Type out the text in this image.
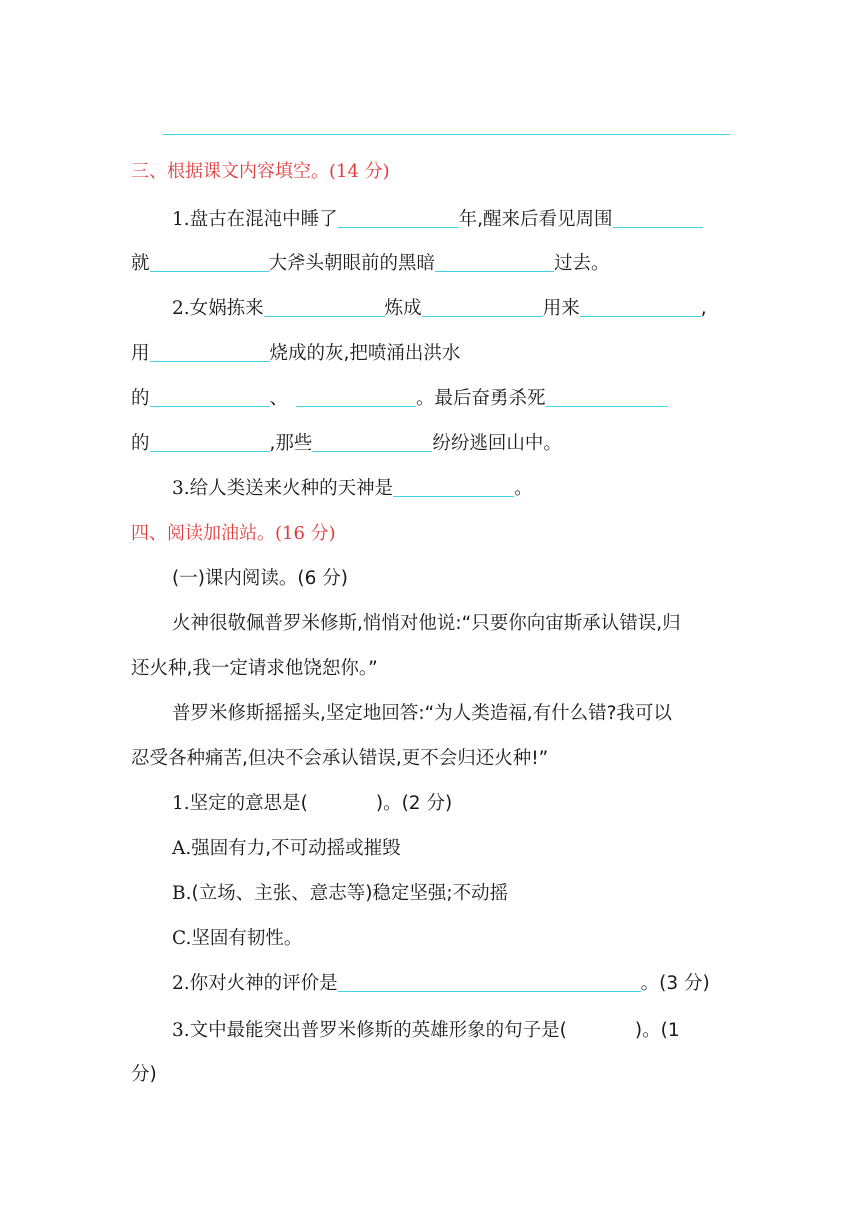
三、根据课文内容填空。(14 分)
1.盘古在混沌中睡了	年,醒来后看见周围
就	大斧头朝眼前的黑暗	过去。
2.女娲拣来	炼成	用来	,
用	烧成的灰,把喷涌出洪水
的	、	。最后奋勇杀死
的	,那些	纷纷逃回山中。
3.给人类送来火种的天神是	。
四、阅读加油站。(16 分)
(一)课内阅读。(6 分)
火神很敬佩普罗米修斯,悄悄对他说:“只要你向宙斯承认错误,归
还火种,我一定请求他饶恕你。”
普罗米修斯摇摇头,坚定地回答:“为人类造福,有什么错?我可以
忍受各种痛苦,但决不会承认错误,更不会归还火种!”
1.坚定的意思是(	)。(2 分)
A.强固有力,不可动摇或摧毁
B.(立场、主张、意志等)稳定坚强;不动摇
C.坚固有韧性。
2.你对火神的评价是	。(3 分)
3.文中最能突出普罗米修斯的英雄形象的句子是(	)。(1
分)
